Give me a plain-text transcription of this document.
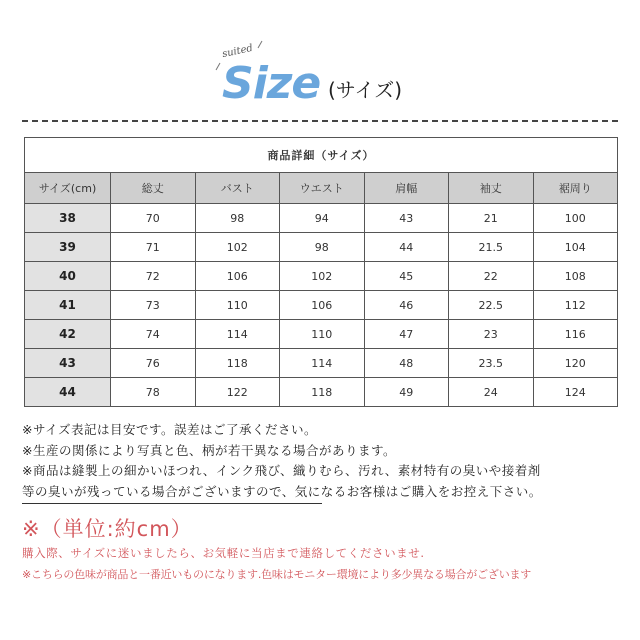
suited
Size (サイズ)
商品詳細（サイズ）						
サイズ(cm)	総丈	バスト	ウエスト	肩幅	袖丈	裾周り
38	70	98	94	43	21	100
39	71	102	98	44	21.5	104
40	72	106	102	45	22	108
41	73	110	106	46	22.5	112
42	74	114	110	47	23	116
43	76	118	114	48	23.5	120
44	78	122	118	49	24	124
※サイズ表記は目安です。誤差はご了承ください。
※生産の関係により写真と色、柄が若干異なる場合があります。
※商品は縫製上の細かいほつれ、インク飛び、織りむら、汚れ、素材特有の臭いや接着剤
等の臭いが残っている場合がございますので、気になるお客様はご購入をお控え下さい。
※（単位:約cm）
購入際、サイズに迷いましたら、お気軽に当店まで連絡してくださいませ.
※こちらの色味が商品と一番近いものになります.色味はモニター環境により多少異なる場合がございます
